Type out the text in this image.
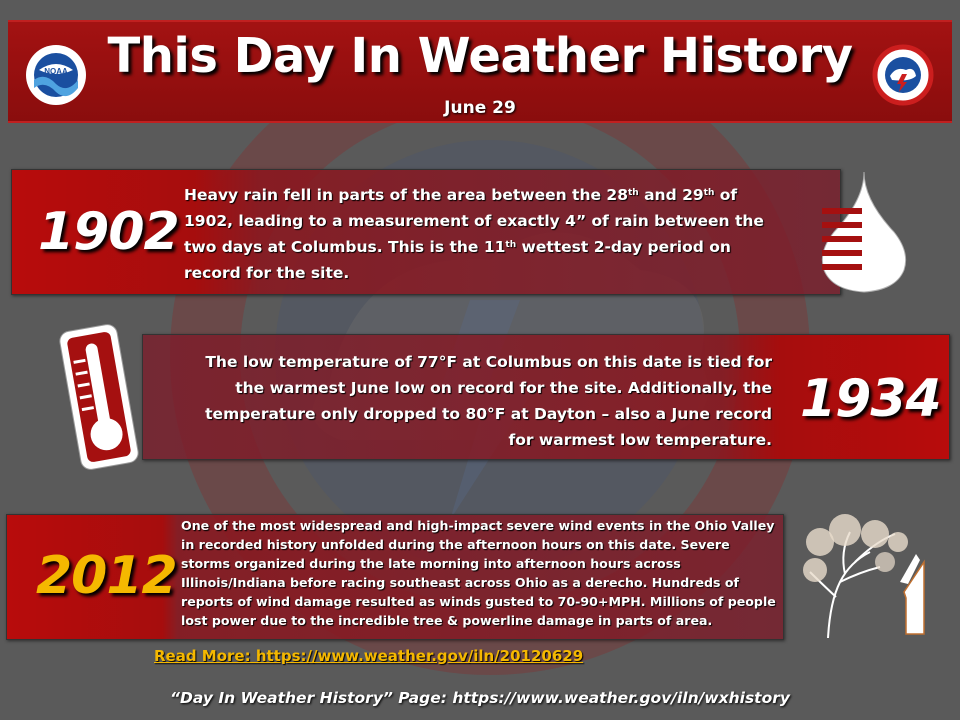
NOAA This Day In Weather History
June 29
1902
Heavy rain fell in parts of the area between the 28th and 29th of 1902, leading to a measurement of exactly 4” of rain between the two days at Columbus. This is the 11th wettest 2-day period on record for the site.
The low temperature of 77°F at Columbus on this date is tied for the warmest June low on record for the site. Additionally, the temperature only dropped to 80°F at Dayton – also a June record for warmest low temperature.
1934
2012
One of the most widespread and high-impact severe wind events in the Ohio Valley in recorded history unfolded during the afternoon hours on this date. Severe storms organized during the late morning into afternoon hours across Illinois/Indiana before racing southeast across Ohio as a derecho. Hundreds of reports of wind damage resulted as winds gusted to 70-90+MPH. Millions of people lost power due to the incredible tree & powerline damage in parts of area.
Read More: https://www.weather.gov/iln/20120629
“Day In Weather History” Page: https://www.weather.gov/iln/wxhistory
